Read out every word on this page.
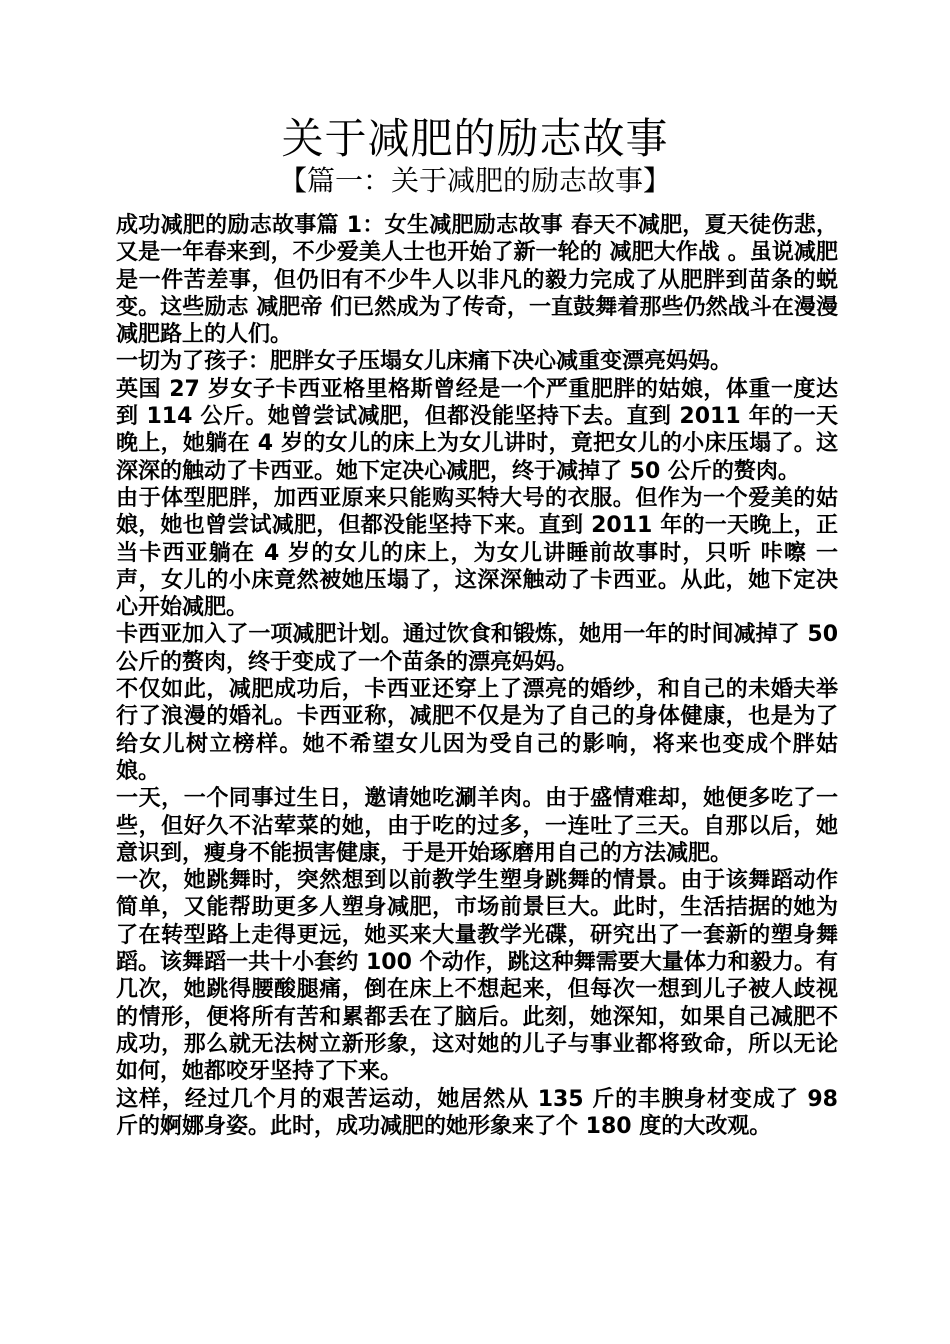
关于减肥的励志故事
【篇一：关于减肥的励志故事】

成功减肥的励志故事篇 1：女生减肥励志故事 春天不减肥，夏天徒伤悲，又是一年春来到，不少爱美人士也开始了新一轮的 减肥大作战 。虽说减肥是一件苦差事，但仍旧有不少牛人以非凡的毅力完成了从肥胖到苗条的蜕变。这些励志 减肥帝 们已然成为了传奇，一直鼓舞着那些仍然战斗在漫漫减肥路上的人们。

一切为了孩子：肥胖女子压塌女儿床痛下决心减重变漂亮妈妈。

英国 27 岁女子卡西亚格里格斯曾经是一个严重肥胖的姑娘，体重一度达到 114 公斤。她曾尝试减肥，但都没能坚持下去。直到 2011 年的一天晚上，她躺在 4 岁的女儿的床上为女儿讲时，竟把女儿的小床压塌了。这深深的触动了卡西亚。她下定决心减肥，终于减掉了 50 公斤的赘肉。

由于体型肥胖，加西亚原来只能购买特大号的衣服。但作为一个爱美的姑娘，她也曾尝试减肥，但都没能坚持下来。直到 2011 年的一天晚上，正当卡西亚躺在 4 岁的女儿的床上，为女儿讲睡前故事时，只听 咔嚓 一声，女儿的小床竟然被她压塌了，这深深触动了卡西亚。从此，她下定决心开始减肥。

卡西亚加入了一项减肥计划。通过饮食和锻炼，她用一年的时间减掉了 50 公斤的赘肉，终于变成了一个苗条的漂亮妈妈。

不仅如此，减肥成功后，卡西亚还穿上了漂亮的婚纱，和自己的未婚夫举行了浪漫的婚礼。卡西亚称，减肥不仅是为了自己的身体健康，也是为了给女儿树立榜样。她不希望女儿因为受自己的影响，将来也变成个胖姑娘。

一天，一个同事过生日，邀请她吃涮羊肉。由于盛情难却，她便多吃了一些，但好久不沾荤菜的她，由于吃的过多，一连吐了三天。自那以后，她意识到，瘦身不能损害健康，于是开始琢磨用自己的方法减肥。

一次，她跳舞时，突然想到以前教学生塑身跳舞的情景。由于该舞蹈动作简单，又能帮助更多人塑身减肥，市场前景巨大。此时，生活拮据的她为了在转型路上走得更远，她买来大量教学光碟，研究出了一套新的塑身舞蹈。该舞蹈一共十小套约 100 个动作，跳这种舞需要大量体力和毅力。有几次，她跳得腰酸腿痛，倒在床上不想起来，但每次一想到儿子被人歧视的情形，便将所有苦和累都丢在了脑后。此刻，她深知，如果自己减肥不成功，那么就无法树立新形象，这对她的儿子与事业都将致命，所以无论如何，她都咬牙坚持了下来。

这样，经过几个月的艰苦运动，她居然从 135 斤的丰腴身材变成了 98 斤的婀娜身姿。此时，成功减肥的她形象来了个 180 度的大改观。
